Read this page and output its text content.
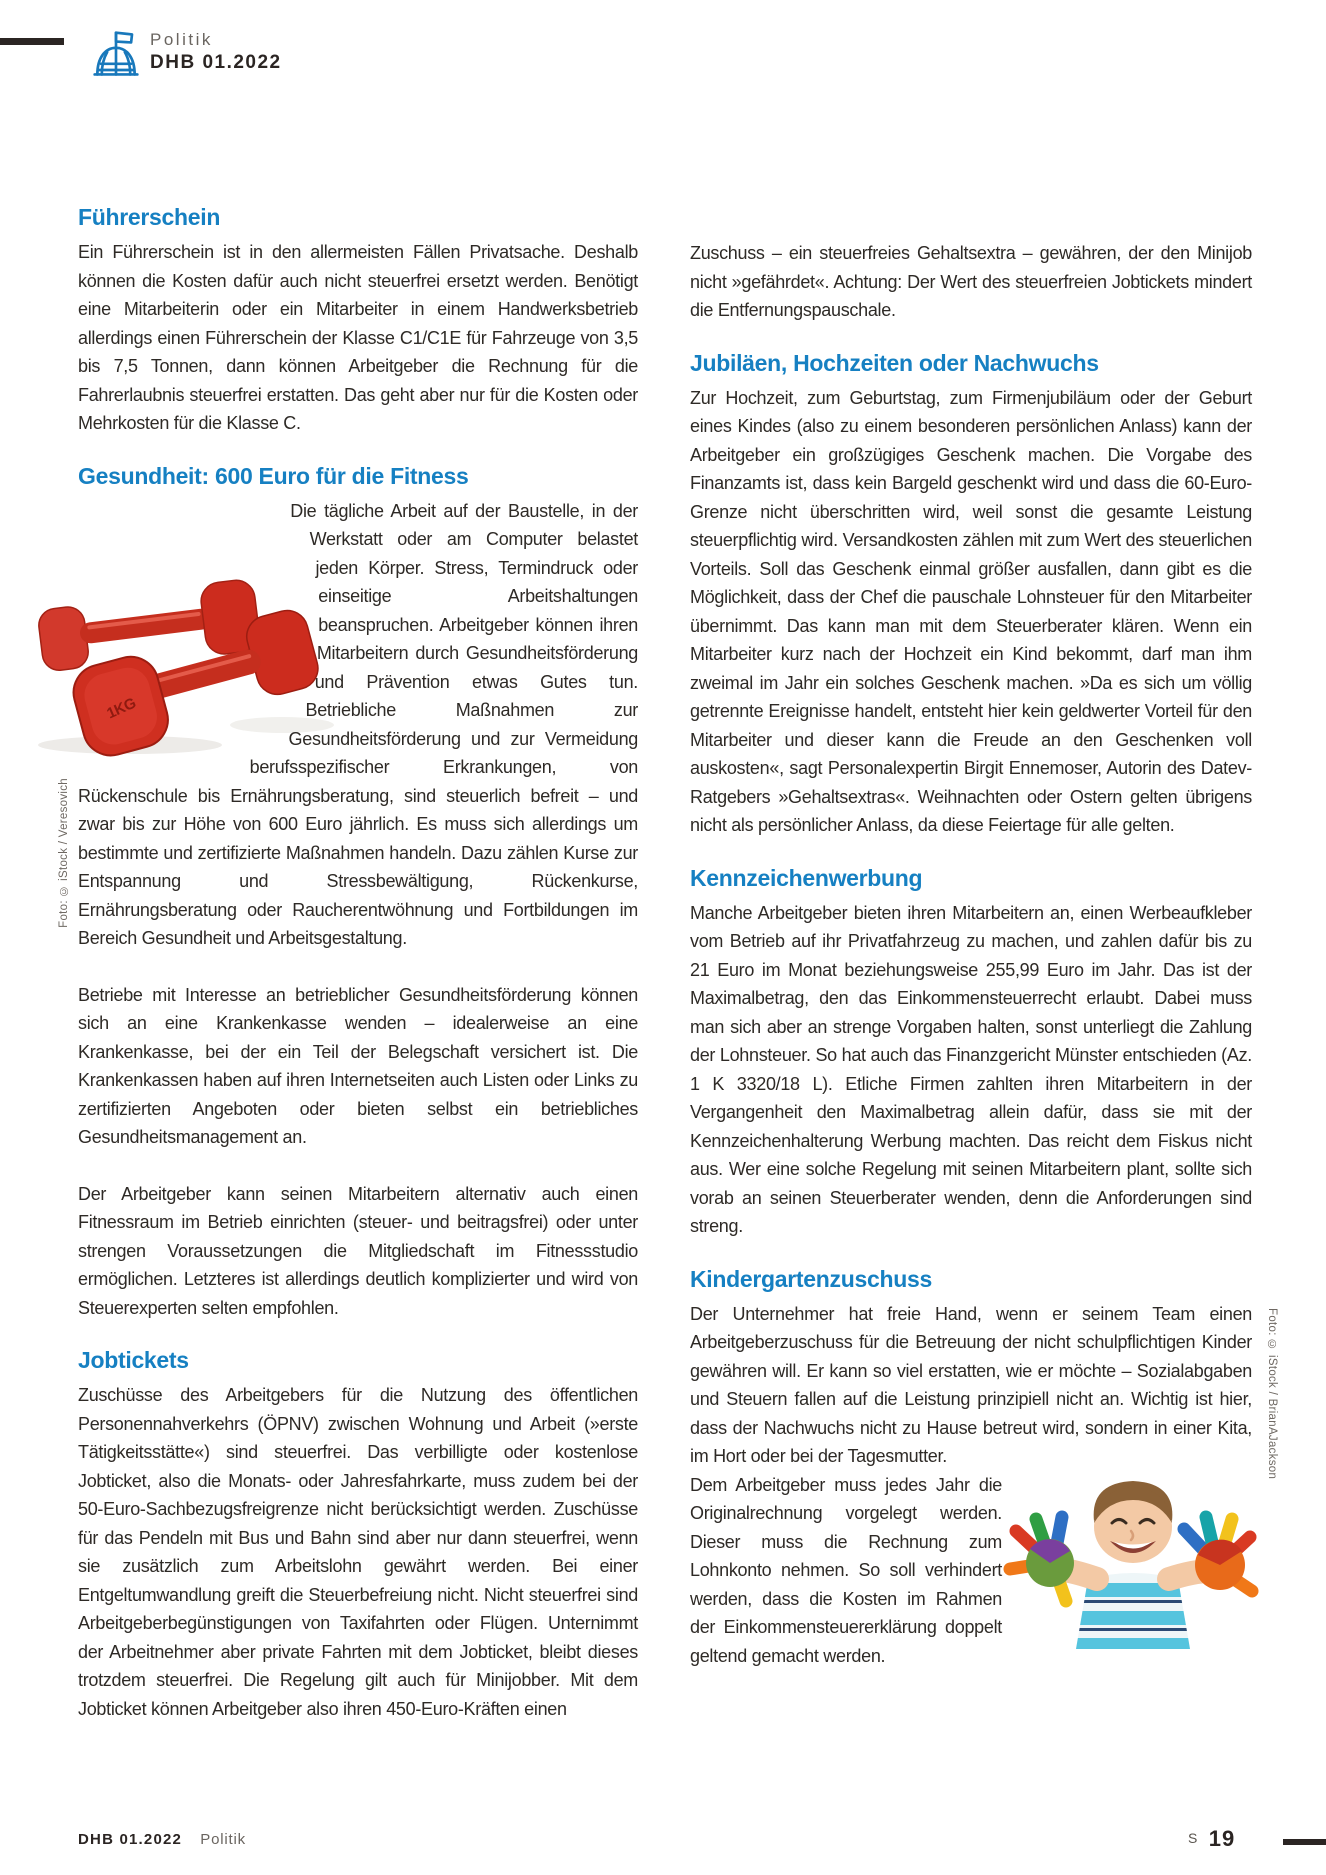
Politik
DHB 01.2022
Führerschein

Ein Führerschein ist in den allermeisten Fällen Privatsache. Deshalb können die Kosten dafür auch nicht steuerfrei ersetzt werden. Benötigt eine Mitarbeiterin oder ein Mitarbeiter in einem Handwerksbetrieb allerdings einen Führerschein der Klasse C1/C1E für Fahrzeuge von 3,5 bis 7,5 Tonnen, dann können Arbeitgeber die Rechnung für die Fahrerlaubnis steuerfrei erstatten. Das geht aber nur für die Kosten oder Mehrkosten für die Klasse C.

Gesundheit: 600 Euro für die Fitness

1KG
Die tägliche Arbeit auf der Baustelle, in der Werkstatt oder am Computer belastet jeden Körper. Stress, Termindruck oder einseitige Arbeitshaltungen beanspruchen. Arbeitgeber können ihren Mitarbeitern durch Gesundheitsförderung und Prävention etwas Gutes tun. Betriebliche Maßnahmen zur Gesundheitsförderung und zur Vermeidung berufsspezifischer Erkrankungen, von Rückenschule bis Ernährungsberatung, sind steuerlich befreit – und zwar bis zur Höhe von 600 Euro jährlich. Es muss sich allerdings um bestimmte und zertifizierte Maßnahmen handeln. Dazu zählen Kurse zur Entspannung und Stressbewältigung, Rückenkurse, Ernährungsberatung oder Raucherentwöhnung und Fortbildungen im Bereich Gesundheit und Arbeitsgestaltung.

Betriebe mit Interesse an betrieblicher Gesundheitsförderung können sich an eine Krankenkasse wenden – idealerweise an eine Krankenkasse, bei der ein Teil der Belegschaft versichert ist. Die Krankenkassen haben auf ihren Internetseiten auch Listen oder Links zu zertifizierten Angeboten oder bieten selbst ein betriebliches Gesundheitsmanagement an.

Der Arbeitgeber kann seinen Mitarbeitern alternativ auch einen Fitnessraum im Betrieb einrichten (steuer- und beitragsfrei) oder unter strengen Voraussetzungen die Mitgliedschaft im Fitnessstudio ermöglichen. Letzteres ist allerdings deutlich komplizierter und wird von Steuerexperten selten empfohlen.

Jobtickets

Zuschüsse des Arbeitgebers für die Nutzung des öffentlichen Personennahverkehrs (ÖPNV) zwischen Wohnung und Arbeit (»erste Tätigkeitsstätte«) sind steuerfrei. Das verbilligte oder kostenlose Jobticket, also die Monats- oder Jahresfahrkarte, muss zudem bei der 50-Euro-Sachbezugsfreigrenze nicht berücksichtigt werden. Zuschüsse für das Pendeln mit Bus und Bahn sind aber nur dann steuerfrei, wenn sie zusätzlich zum Arbeitslohn gewährt werden. Bei einer Entgeltumwandlung greift die Steuerbefreiung nicht. Nicht steuerfrei sind Arbeitgeberbegünstigungen von Taxifahrten oder Flügen. Unternimmt der Arbeitnehmer aber private Fahrten mit dem Jobticket, bleibt dieses trotzdem steuerfrei. Die Regelung gilt auch für Minijobber. Mit dem Jobticket können Arbeitgeber also ihren 450-Euro-Kräften einen

Zuschuss – ein steuerfreies Gehaltsextra – gewähren, der den Minijob nicht »gefährdet«. Achtung: Der Wert des steuerfreien Jobtickets mindert die Entfernungspauschale.

Jubiläen, Hochzeiten oder Nachwuchs

Zur Hochzeit, zum Geburtstag, zum Firmenjubiläum oder der Geburt eines Kindes (also zu einem besonderen persönlichen Anlass) kann der Arbeitgeber ein großzügiges Geschenk machen. Die Vorgabe des Finanzamts ist, dass kein Bargeld geschenkt wird und dass die 60-Euro-Grenze nicht überschritten wird, weil sonst die gesamte Leistung steuerpflichtig wird. Versandkosten zählen mit zum Wert des steuerlichen Vorteils. Soll das Geschenk einmal größer ausfallen, dann gibt es die Möglichkeit, dass der Chef die pauschale Lohnsteuer für den Mitarbeiter übernimmt. Das kann man mit dem Steuerberater klären. Wenn ein Mitarbeiter kurz nach der Hochzeit ein Kind bekommt, darf man ihm zweimal im Jahr ein solches Geschenk machen. »Da es sich um völlig getrennte Ereignisse handelt, entsteht hier kein geldwerter Vorteil für den Mitarbeiter und dieser kann die Freude an den Geschenken voll auskosten«, sagt Personalexpertin Birgit Ennemoser, Autorin des Datev-Ratgebers »Gehaltsextras«. Weihnachten oder Ostern gelten übrigens nicht als persönlicher Anlass, da diese Feiertage für alle gelten.

Kennzeichenwerbung

Manche Arbeitgeber bieten ihren Mitarbeitern an, einen Werbeaufkleber vom Betrieb auf ihr Privatfahrzeug zu machen, und zahlen dafür bis zu 21 Euro im Monat beziehungsweise 255,99 Euro im Jahr. Das ist der Maximalbetrag, den das Einkommensteuerrecht erlaubt. Dabei muss man sich aber an strenge Vorgaben halten, sonst unterliegt die Zahlung der Lohnsteuer. So hat auch das Finanzgericht Münster entschieden (Az. 1 K 3320/18 L). Etliche Firmen zahlten ihren Mitarbeitern in der Vergangenheit den Maximalbetrag allein dafür, dass sie mit der Kennzeichenhalterung Werbung machten. Das reicht dem Fiskus nicht aus. Wer eine solche Regelung mit seinen Mitarbeitern plant, sollte sich vorab an seinen Steuerberater wenden, denn die Anforderungen sind streng.

Kindergartenzuschuss

Der Unternehmer hat freie Hand, wenn er seinem Team einen Arbeitgeberzuschuss für die Betreuung der nicht schulpflichtigen Kinder gewähren will. Er kann so viel erstatten, wie er möchte – Sozialabgaben und Steuern fallen auf die Leistung prinzipiell nicht an. Wichtig ist hier, dass der Nachwuchs nicht zu Hause betreut wird, sondern in einer Kita, im Hort oder bei der Tagesmutter.

Dem Arbeitgeber muss jedes Jahr die Originalrechnung vorgelegt werden. Dieser muss die Rechnung zum Lohnkonto nehmen. So soll verhindert werden, dass die Kosten im Rahmen der Einkommensteuererklärung doppelt geltend gemacht werden.

Foto: © iStock / Veresovich
Foto: © iStock / BrianAJackson
DHB 01.2022 Politik	S 19
